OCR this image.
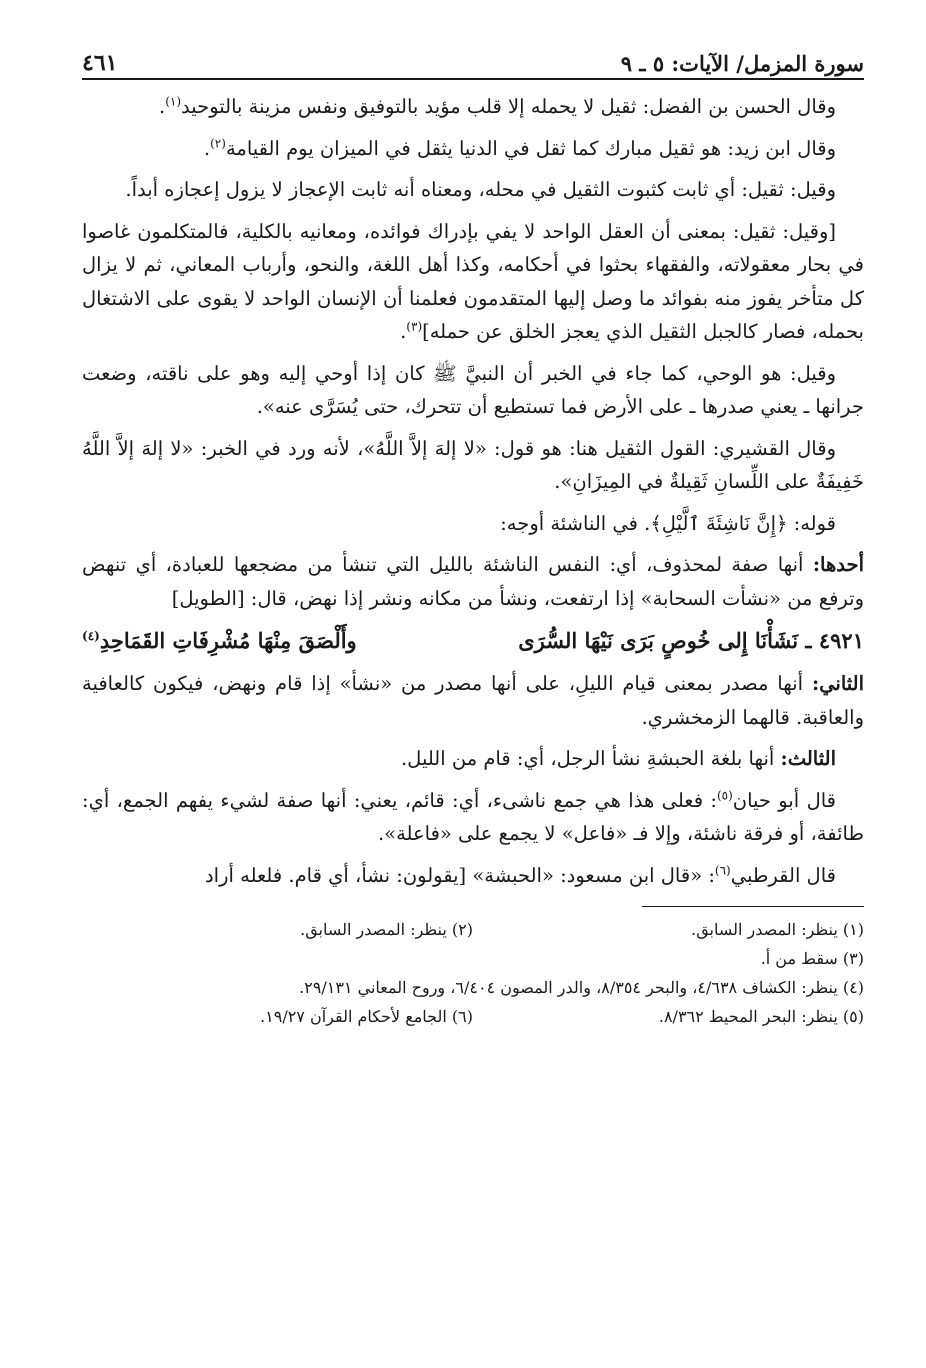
سورة المزمل/ الآيات: ٥ ـ ٩
٤٦١

وقال الحسن بن الفضل: ثقيل لا يحمله إلا قلب مؤيد بالتوفيق ونفس مزينة بالتوحيد$^{(١)}$.

وقال ابن زيد: هو ثقيل مبارك كما ثقل في الدنيا يثقل في الميزان يوم القيامة$^{(٢)}$.

وقيل: ثقيل: أي ثابت كثبوت الثقيل في محله، ومعناه أنه ثابت الإعجاز لا يزول إعجازه أبداً.

[وقيل: ثقيل: بمعنى أن العقل الواحد لا يفي بإدراك فوائده، ومعانيه بالكلية، فالمتكلمون غاصوا في بحار معقولاته، والفقهاء بحثوا في أحكامه، وكذا أهل اللغة، والنحو، وأرباب المعاني، ثم لا يزال كل متأخر يفوز منه بفوائد ما وصل إليها المتقدمون فعلمنا أن الإنسان الواحد لا يقوى على الاشتغال بحمله، فصار كالجبل الثقيل الذي يعجز الخلق عن حمله]$^{(٣)}$.

وقيل: هو الوحي، كما جاء في الخبر أن النبيَّ ﷺ كان إذا أوحي إليه وهو على ناقته، وضعت جرانها ـ يعني صدرها ـ على الأرض فما تستطيع أن تتحرك، حتى يُسَرَّى عنه».

وقال القشيري: القول الثقيل هنا: هو قول: «لا إلهَ إلاَّ اللَّهُ»، لأنه ورد في الخبر: «لا إلهَ إلاَّ اللَّهُ خَفِيفَةٌ على اللِّسانِ ثَقِيلةٌ في المِيزَانِ».

قوله: ﴿إِنَّ نَاشِئَةَ ٱلَّيْلِ﴾. في الناشئة أوجه:

أحدها: أنها صفة لمحذوف، أي: النفس الناشئة بالليل التي تنشأ من مضجعها للعبادة، أي تنهض وترفع من «نشأت السحابة» إذا ارتفعت، ونشأ من مكانه ونشر إذا نهض، قال: [الطويل]

٤٩٢١ ـ نَشَأْنَا إِلى خُوصٍ بَرَى نَيْهَا السُّرَى
وأَلْصَقَ مِنْهَا مُشْرِفَاتِ القَمَاحِدِ$^{(٤)}$

الثاني: أنها مصدر بمعنى قيام الليلِ، على أنها مصدر من «نشأ» إذا قام ونهض، فيكون كالعافية والعاقبة. قالهما الزمخشري.

الثالث: أنها بلغة الحبشةِ نشأ الرجل، أي: قام من الليل.

قال أبو حيان$^{(٥)}$: فعلى هذا هي جمع ناشىء، أي: قائم، يعني: أنها صفة لشيء يفهم الجمع، أي: طائفة، أو فرقة ناشئة، وإلا فـ «فاعل» لا يجمع على «فاعلة».

قال القرطبي$^{(٦)}$: «قال ابن مسعود: «الحبشة» [يقولون: نشأ، أي قام. فلعله أراد

(١) ينظر: المصدر السابق.
(٢) ينظر: المصدر السابق.
(٣) سقط من أ.
(٤) ينظر: الكشاف ٤/٦٣٨، والبحر ٨/٣٥٤، والدر المصون ٦/٤٠٤، وروح المعاني ٢٩/١٣١.
(٥) ينظر: البحر المحيط ٨/٣٦٢.
(٦) الجامع لأحكام القرآن ١٩/٢٧.
